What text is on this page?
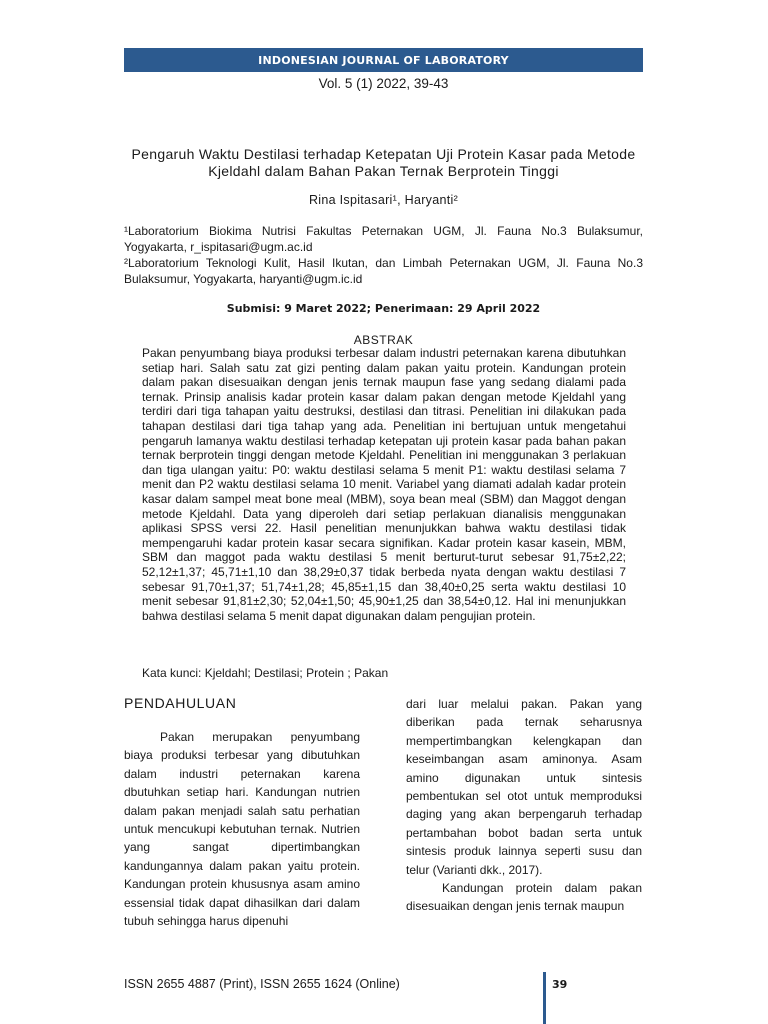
INDONESIAN JOURNAL OF LABORATORY
Vol. 5 (1) 2022, 39-43
Pengaruh Waktu Destilasi terhadap Ketepatan Uji Protein Kasar pada Metode Kjeldahl dalam Bahan Pakan Ternak Berprotein Tinggi
Rina Ispitasari¹, Haryanti²

¹Laboratorium Biokima Nutrisi Fakultas Peternakan UGM, Jl. Fauna No.3 Bulaksumur, Yogyakarta, r_ispitasari@ugm.ac.id

²Laboratorium Teknologi Kulit, Hasil Ikutan, dan Limbah Peternakan UGM, Jl. Fauna No.3 Bulaksumur, Yogyakarta, haryanti@ugm.ic.id

Submisi: 9 Maret 2022; Penerimaan: 29 April 2022
ABSTRAK

Pakan penyumbang biaya produksi terbesar dalam industri peternakan karena dibutuhkan setiap hari. Salah satu zat gizi penting dalam pakan yaitu protein. Kandungan protein dalam pakan disesuaikan dengan jenis ternak maupun fase yang sedang dialami pada ternak. Prinsip analisis kadar protein kasar dalam pakan dengan metode Kjeldahl yang terdiri dari tiga tahapan yaitu destruksi, destilasi dan titrasi. Penelitian ini dilakukan pada tahapan destilasi dari tiga tahap yang ada. Penelitian ini bertujuan untuk mengetahui pengaruh lamanya waktu destilasi terhadap ketepatan uji protein kasar pada bahan pakan ternak berprotein tinggi dengan metode Kjeldahl. Penelitian ini menggunakan 3 perlakuan dan tiga ulangan yaitu: P0: waktu destilasi selama 5 menit P1: waktu destilasi selama 7 menit dan P2 waktu destilasi selama 10 menit. Variabel yang diamati adalah kadar protein kasar dalam sampel meat bone meal (MBM), soya bean meal (SBM) dan Maggot dengan metode Kjeldahl. Data yang diperoleh dari setiap perlakuan dianalisis menggunakan aplikasi SPSS versi 22. Hasil penelitian menunjukkan bahwa waktu destilasi tidak mempengaruhi kadar protein kasar secara signifikan. Kadar protein kasar kasein, MBM, SBM dan maggot pada waktu destilasi 5 menit berturut-turut sebesar 91,75±2,22; 52,12±1,37; 45,71±1,10 dan 38,29±0,37 tidak berbeda nyata dengan waktu destilasi 7 sebesar 91,70±1,37; 51,74±1,28; 45,85±1,15 dan 38,40±0,25 serta waktu destilasi 10 menit sebesar 91,81±2,30; 52,04±1,50; 45,90±1,25 dan 38,54±0,12. Hal ini menunjukkan bahwa destilasi selama 5 menit dapat digunakan dalam pengujian protein.

Kata kunci: Kjeldahl; Destilasi; Protein ; Pakan

PENDAHULUAN

Pakan merupakan penyumbang biaya produksi terbesar yang dibutuhkan dalam industri peternakan karena dbutuhkan setiap hari. Kandungan nutrien dalam pakan menjadi salah satu perhatian untuk mencukupi kebutuhan ternak. Nutrien yang sangat dipertimbangkan kandungannya dalam pakan yaitu protein. Kandungan protein khususnya asam amino essensial tidak dapat dihasilkan dari dalam tubuh sehingga harus dipenuhi

dari luar melalui pakan. Pakan yang diberikan pada ternak seharusnya mempertimbangkan kelengkapan dan keseimbangan asam aminonya. Asam amino digunakan untuk sintesis pembentukan sel otot untuk memproduksi daging yang akan berpengaruh terhadap pertambahan bobot badan serta untuk sintesis produk lainnya seperti susu dan telur (Varianti dkk., 2017).

Kandungan protein dalam pakan disesuaikan dengan jenis ternak maupun

ISSN 2655 4887 (Print), ISSN 2655 1624 (Online)	39
